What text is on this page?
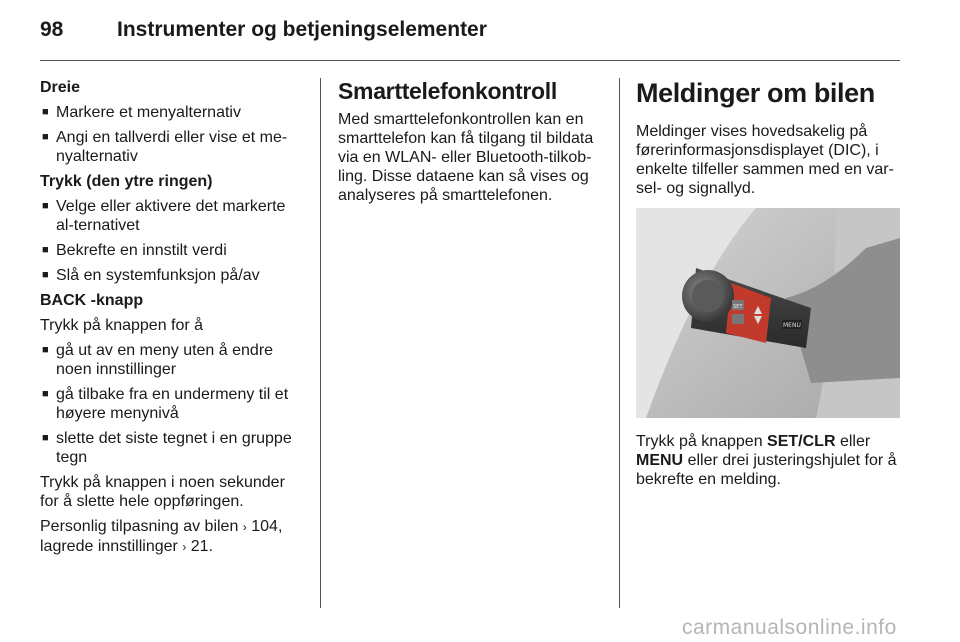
98	Instrumenter og betjeningselementer
Dreie
■ Markere et menyalternativ
■ Angi en tallverdi eller vise et me-nyalternativ
Trykk (den ytre ringen)
■ Velge eller aktivere det markerte al-ternativet
■ Bekrefte en innstilt verdi
■ Slå en systemfunksjon på/av
BACK -knapp
Trykk på knappen for å
■ gå ut av en meny uten å endre noen innstillinger
■ gå tilbake fra en undermeny til et høyere menynivå
■ slette det siste tegnet i en gruppe tegn
Trykk på knappen i noen sekunder for å slette hele oppføringen.
Personlig tilpasning av bilen › 104,
lagrede innstillinger › 21.
Smarttelefonkontroll
Med smarttelefonkontrollen kan en smarttelefon kan få tilgang til bildata via en WLAN- eller Bluetooth-tilkob-ling. Disse dataene kan så vises og analyseres på smarttelefonen.
Meldinger om bilen
Meldinger vises hovedsakelig på førerinformasjonsdisplayet (DIC), i enkelte tilfeller sammen med en var-sel- og signallyd.
MENU
SET
Trykk på knappen SET/CLR eller MENU eller drei justeringshjulet for å bekrefte en melding.
carmanualsonline.info
